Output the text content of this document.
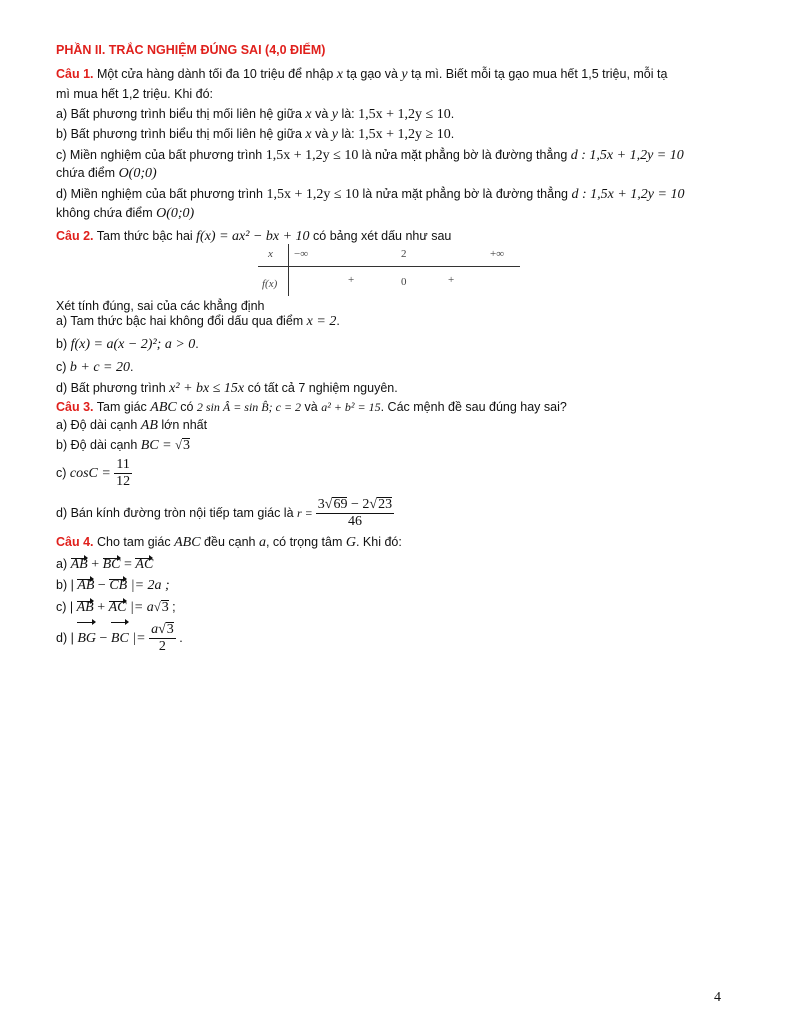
PHẦN II. TRẮC NGHIỆM ĐÚNG SAI (4,0 ĐIỂM)
Câu 1. Một cửa hàng dành tối đa 10 triệu để nhập x tạ gạo và y tạ mì. Biết mỗi tạ gạo mua hết 1,5 triệu, mỗi tạ
mì mua hết 1,2 triệu. Khi đó:
a) Bất phương trình biểu thị mối liên hệ giữa x và y là: 1,5x + 1,2y ≤ 10.
b) Bất phương trình biểu thị mối liên hệ giữa x và y là: 1,5x + 1,2y ≥ 10.
c) Miền nghiệm của bất phương trình 1,5x + 1,2y ≤ 10 là nửa mặt phẳng bờ là đường thẳng d : 1,5x + 1,2y = 10
chứa điểm O(0;0)
d) Miền nghiệm của bất phương trình 1,5x + 1,2y ≤ 10 là nửa mặt phẳng bờ là đường thẳng d : 1,5x + 1,2y = 10
không chứa điểm O(0;0)
Câu 2. Tam thức bậc hai f(x) = ax² − bx + 10 có bảng xét dấu như sau
x −∞	2	+∞
f(x)	+	0	+
Xét tính đúng, sai của các khẳng định
a) Tam thức bậc hai không đổi dấu qua điểm x = 2.
b) f(x) = a(x − 2)²; a > 0.
c) b + c = 20.
d) Bất phương trình x² + bx ≤ 15x có tất cả 7 nghiệm nguyên.
Câu 3. Tam giác ABC có 2 sin Â = sin B̂; c = 2 và a² + b² = 15. Các mệnh đề sau đúng hay sai?
a) Độ dài cạnh AB lớn nhất
b) Độ dài cạnh BC = √3
c) $\cos C = \frac{11}{12}$
d) Bán kính đường tròn nội tiếp tam giác là $r = \frac{3√69 - 2√23}{46}$
Câu 4. Cho tam giác ABC đều cạnh a, có trọng tâm G. Khi đó:
a) AB + BC = AC
b) | AB − CB |= 2a ;
c) | AB + AC |= a√3 ;
d) | BG − BC |= $\frac{a√3}{2}$ .
4
